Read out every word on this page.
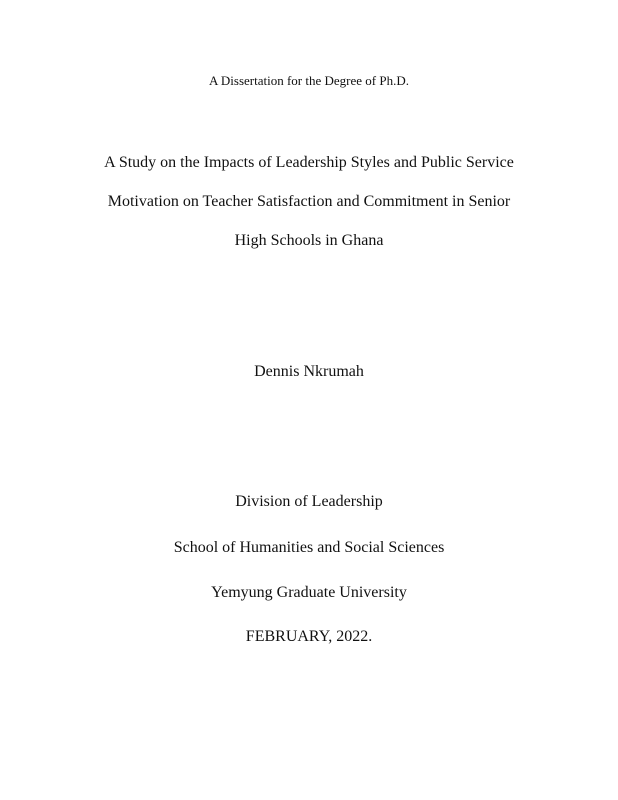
A Dissertation for the Degree of Ph.D.
A Study on the Impacts of Leadership Styles and Public Service
Motivation on Teacher Satisfaction and Commitment in Senior
High Schools in Ghana
Dennis Nkrumah
Division of Leadership
School of Humanities and Social Sciences
Yemyung Graduate University
FEBRUARY, 2022.
